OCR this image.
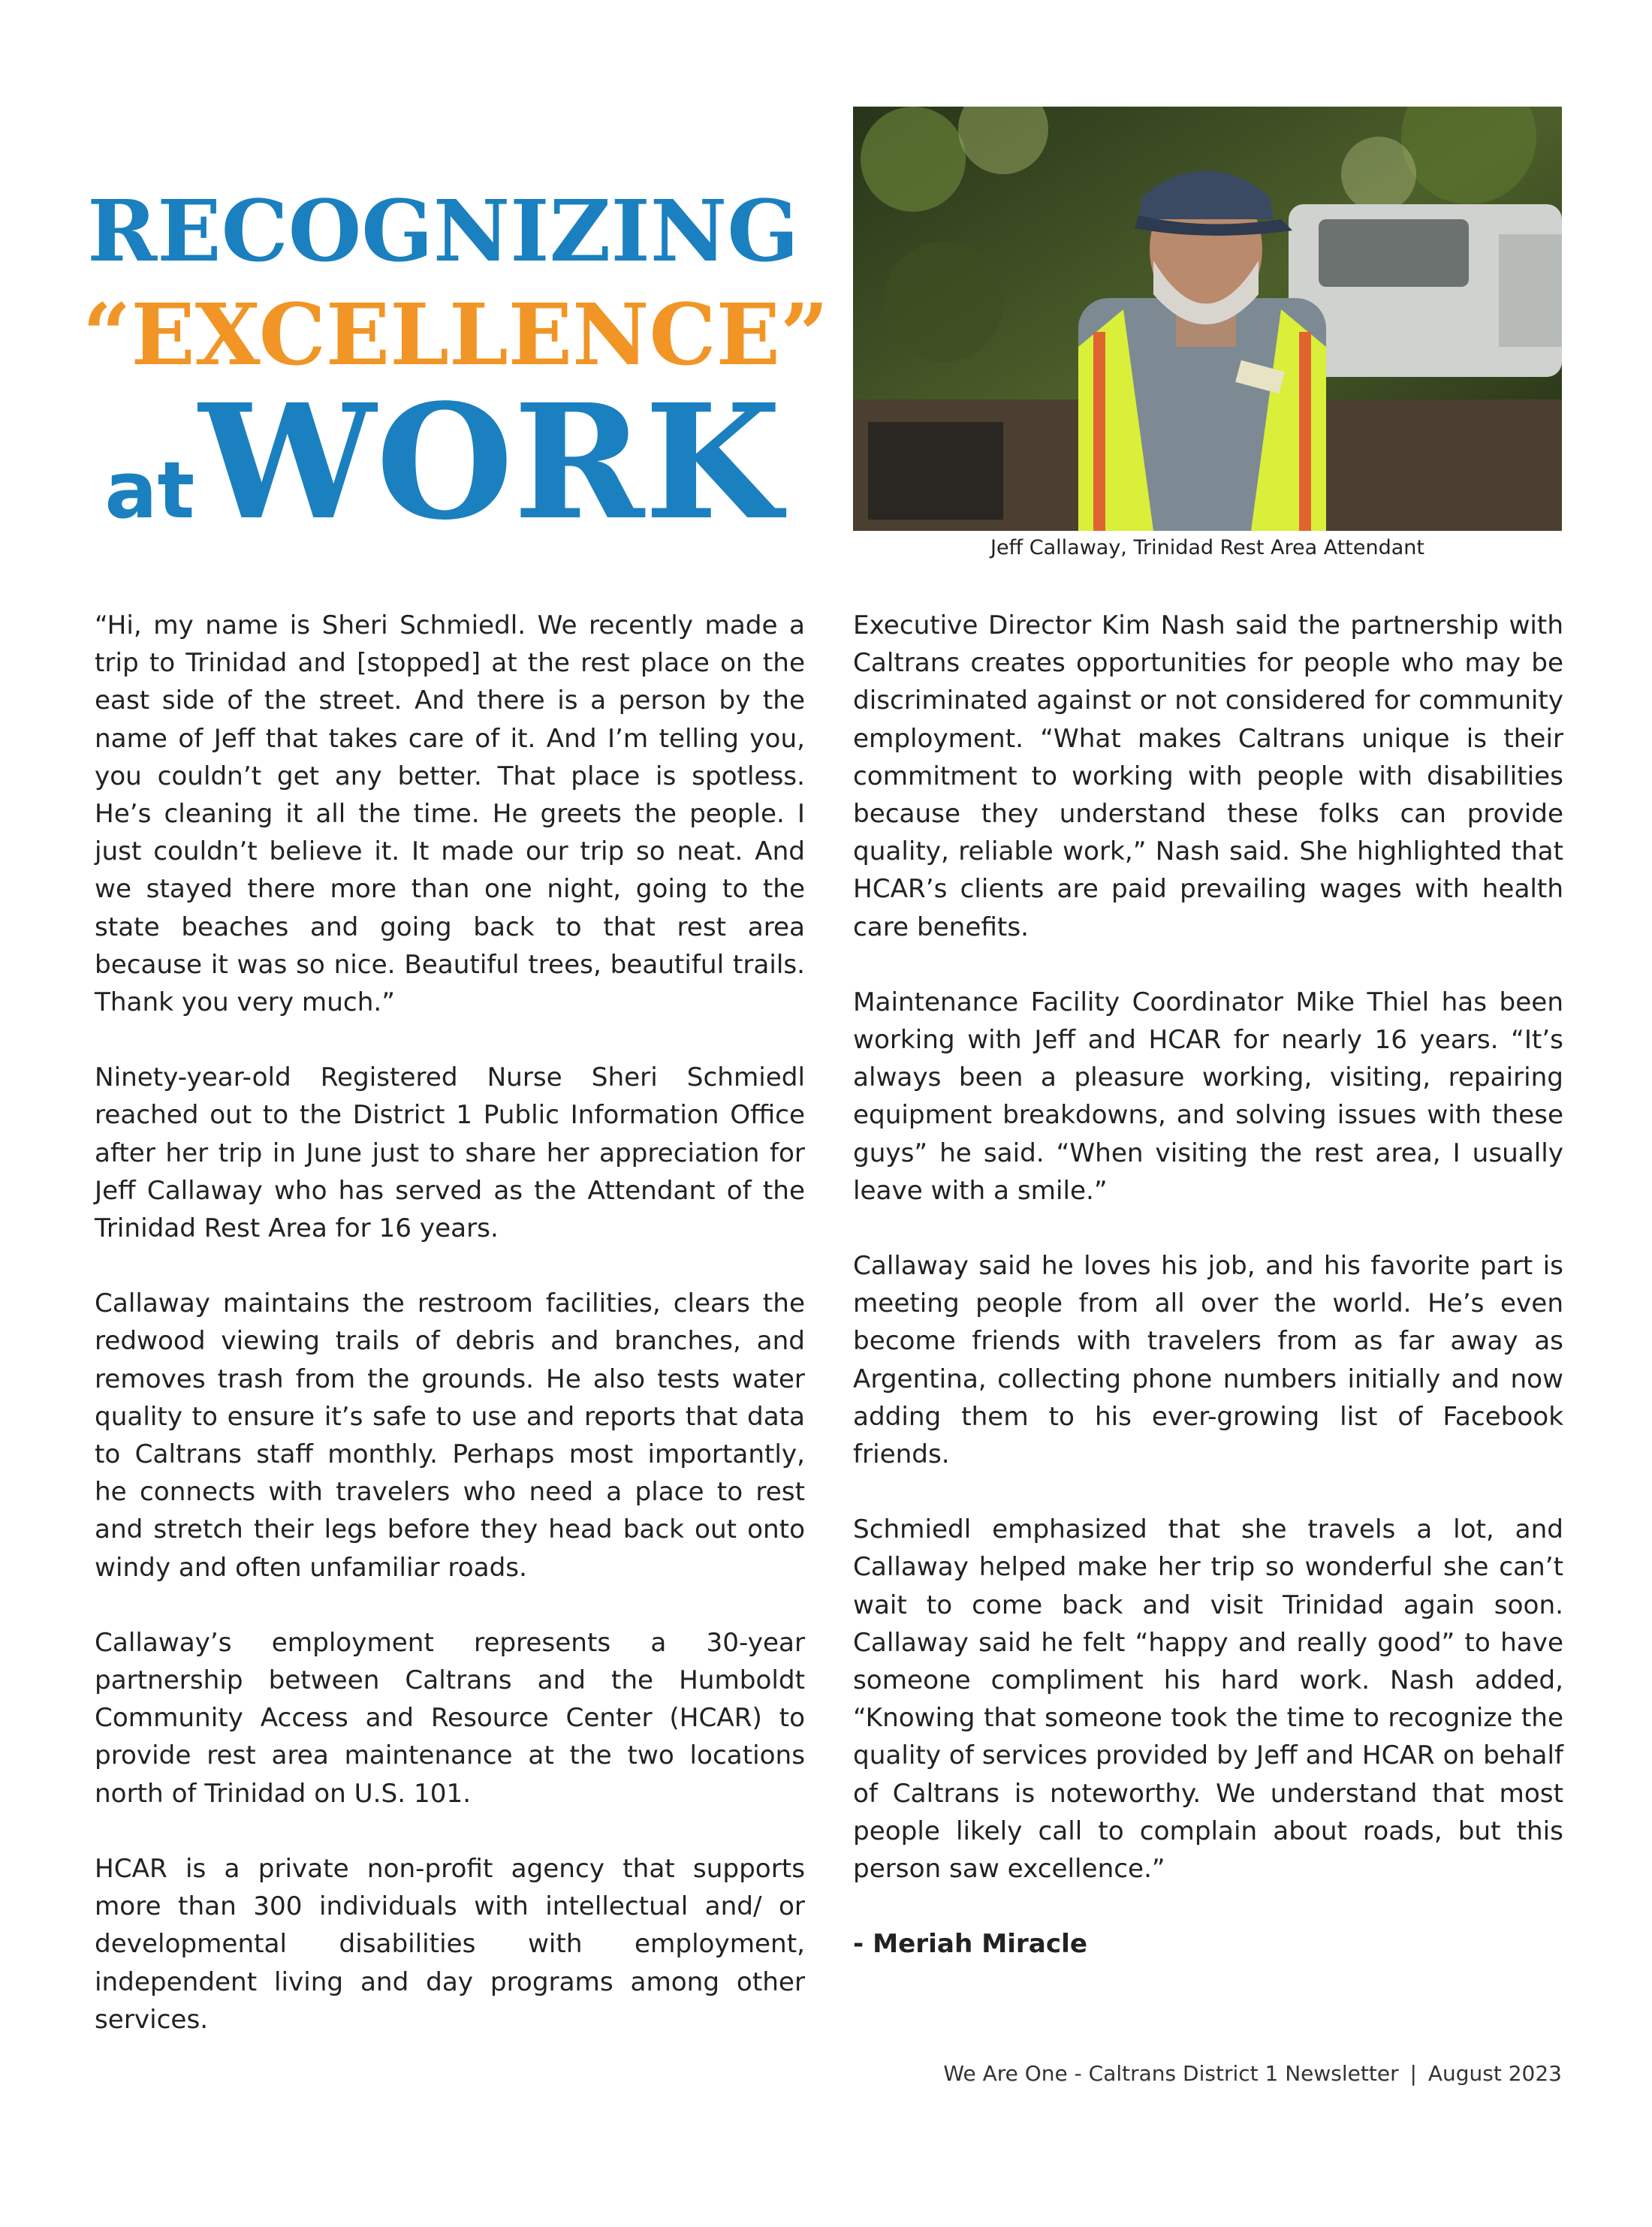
RECOGNIZING
“EXCELLENCE”
at WORK	Jeff Callaway, Trinidad Rest Area Attendant

“Hi, my name is Sheri Schmiedl. We recently made a trip to Trinidad and [stopped] at the rest place on the east side of the street. And there is a person by the name of Jeff that takes care of it. And I’m telling you, you couldn’t get any better. That place is spotless. He’s cleaning it all the time. He greets the people. I just couldn’t believe it. It made our trip so neat. And we stayed there more than one night, going to the state beaches and going back to that rest area because it was so nice. Beautiful trees, beautiful trails. Thank you very much.”

Ninety-year-old Registered Nurse Sheri Schmiedl reached out to the District 1 Public Information Office after her trip in June just to share her appreciation for Jeff Callaway who has served as the Attendant of the Trinidad Rest Area for 16 years.

Callaway maintains the restroom facilities, clears the redwood viewing trails of debris and branches, and removes trash from the grounds. He also tests water quality to ensure it’s safe to use and reports that data to Caltrans staff monthly. Perhaps most importantly, he connects with travelers who need a place to rest and stretch their legs before they head back out onto windy and often unfamiliar roads.

Callaway’s employment represents a 30-year partnership between Caltrans and the Humboldt Community Access and Resource Center (HCAR) to provide rest area maintenance at the two locations north of Trinidad on U.S. 101.

HCAR is a private non-profit agency that supports more than 300 individuals with intellectual and/ or developmental disabilities with employment, independent living and day programs among other services.

Executive Director Kim Nash said the partnership with Caltrans creates opportunities for people who may be discriminated against or not considered for community employment. “What makes Caltrans unique is their commitment to working with people with disabilities because they understand these folks can provide quality, reliable work,” Nash said. She highlighted that HCAR’s clients are paid prevailing wages with health care benefits.

Maintenance Facility Coordinator Mike Thiel has been working with Jeff and HCAR for nearly 16 years. “It’s always been a pleasure working, visiting, repairing equipment breakdowns, and solving issues with these guys” he said. “When visiting the rest area, I usually leave with a smile.”

Callaway said he loves his job, and his favorite part is meeting people from all over the world. He’s even become friends with travelers from as far away as Argentina, collecting phone numbers initially and now adding them to his ever-growing list of Facebook friends.

Schmiedl emphasized that she travels a lot, and Callaway helped make her trip so wonderful she can’t wait to come back and visit Trinidad again soon. Callaway said he felt “happy and really good” to have someone compliment his hard work. Nash added, “Knowing that someone took the time to recognize the quality of services provided by Jeff and HCAR on behalf of Caltrans is noteworthy. We understand that most people likely call to complain about roads, but this person saw excellence.”

- Meriah Miracle

We Are One - Caltrans District 1 Newsletter | August 2023
